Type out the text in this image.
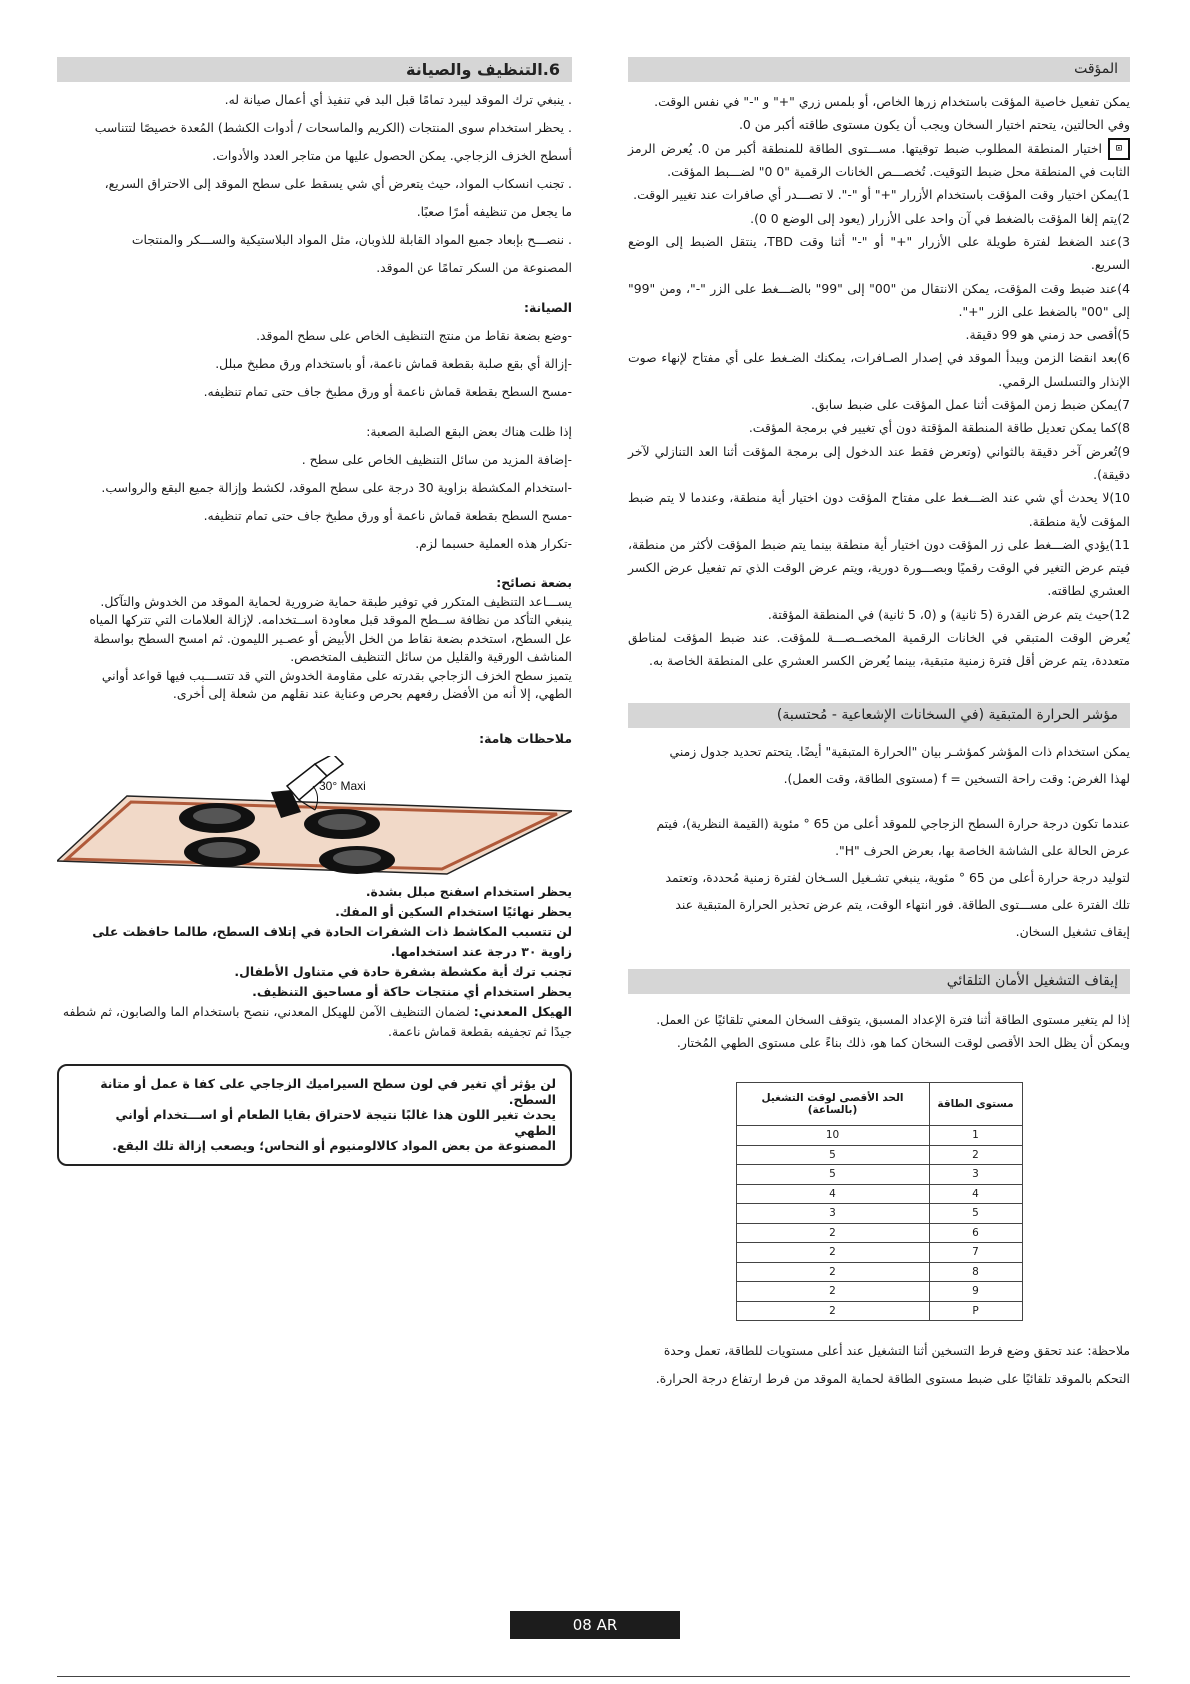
المؤقت

يمكن تفعيل خاصية المؤقت باستخدام زرها الخاص، أو بلمس زري "+" و "-" في نفس الوقت.

وفي الحالتين، يتحتم اختيار السخان ويجب أن يكون مستوى طاقته أكبر من 0.

⊡اختيار المنطقة المطلوب ضبط توقيتها. مســـتوى الطاقة للمنطقة أكبر من 0. يُعرض الرمز الثابت في المنطقة محل ضبط التوقيت. تُخصـــص الخانات الرقمية "0 0" لضـــبط المؤقت.

1)يمكن اختيار وقت المؤقت باستخدام الأزرار "+" أو "-". لا تصـــدر أي صافرات عند تغيير الوقت.

2)يتم إلغا المؤقت بالضغط في آن واحد على الأزرار (يعود إلى الوضع 0 0).

3)عند الضغط لفترة طويلة على الأزرار "+" أو "-" أثنا وقت TBD، ينتقل الضبط إلى الوضع السريع.

4)عند ضبط وقت المؤقت، يمكن الانتقال من "00" إلى "99" بالضـــغط على الزر "-"، ومن "99" إلى "00" بالضغط على الزر "+".

5)أقصى حد زمني هو 99 دقيقة.

6)بعد انقضا الزمن ويبدأ الموقد في إصدار الصـافرات، يمكنك الضـغط على أي مفتاح لإنهاء صوت الإنذار والتسلسل الرقمي.

7)يمكن ضبط زمن المؤقت أثنا عمل المؤقت على ضبط سابق.

8)كما يمكن تعديل طاقة المنطقة المؤقتة دون أي تغيير في برمجة المؤقت.

9)تُعرض آخر دقيقة بالثواني (وتعرض فقط عند الدخول إلى برمجة المؤقت أثنا العد التنازلي لآخر دقيقة).

10)لا يحدث أي شي عند الضـــغط على مفتاح المؤقت دون اختيار أية منطقة، وعندما لا يتم ضبط المؤقت لأية منطقة.

11)يؤدي الضـــغط على زر المؤقت دون اختيار أية منطقة بينما يتم ضبط المؤقت لأكثر من منطقة، فيتم عرض التغير في الوقت رقميًا وبصـــورة دورية، ويتم عرض الوقت الذي تم تفعيل عرض الكسر العشري لطاقته.

12)حيث يتم عرض القدرة (5 ثانية) و (0، 5 ثانية) في المنطقة المؤقتة.

يُعرض الوقت المتبقي في الخانات الرقمية المخصــصـــة للمؤقت. عند ضبط المؤقت لمناطق متعددة، يتم عرض أقل فترة زمنية متبقية، بينما يُعرض الكسر العشري على المنطقة الخاصة به.

مؤشر الحرارة المتبقية (في السخانات الإشعاعية - مُحتسبة)

يمكن استخدام ذات المؤشر كمؤشـر بيان "الحرارة المتبقية" أيضًا. يتحتم تحديد جدول زمني

لهذا الغرض: وقت راحة التسخين = f (مستوى الطاقة، وقت العمل).

عندما تكون درجة حرارة السطح الزجاجي للموقد أعلى من 65 ° مئوية (القيمة النظرية)، فيتم

عرض الحالة على الشاشة الخاصة بها، بعرض الحرف "H".

لتوليد درجة حرارة أعلى من 65 ° مئوية، ينبغي تشـغيل السـخان لفترة زمنية مُحددة، وتعتمد

تلك الفترة على مســـتوى الطاقة. فور انتهاء الوقت، يتم عرض تحذير الحرارة المتبقية عند

إيقاف تشغيل السخان.

إيقاف التشغيل الأمان التلقائي

إذا لم يتغير مستوى الطاقة أثنا فترة الإعداد المسبق، يتوقف السخان المعني تلقائيًا عن العمل.

ويمكن أن يظل الحد الأقصى لوقت السخان كما هو، ذلك بناءً على مستوى الطهي المُختار.

مستوى الطاقة	الحد الأقصى لوقت التشغيل (بالساعة)
1	10
2	5
3	5
4	4
5	3
6	2
7	2
8	2
9	2
P	2

ملاحظة: عند تحقق وضع فرط التسخين أثنا التشغيل عند أعلى مستويات للطاقة، تعمل وحدة

التحكم بالموقد تلقائيًا على ضبط مستوى الطاقة لحماية الموقد من فرط ارتفاع درجة الحرارة.

6.التنظيف والصيانة

. ينبغي ترك الموقد ليبرد تمامًا قبل البد في تنفيذ أي أعمال صيانة له.

. يحظر استخدام سوى المنتجات (الكريم والماسحات / أدوات الكشط) المُعدة خصيصًا لتتناسب

أسطح الخزف الزجاجي. يمكن الحصول عليها من متاجر العدد والأدوات.

. تجنب انسكاب المواد، حيث يتعرض أي شي يسقط على سطح الموقد إلى الاحتراق السريع،

ما يجعل من تنظيفه أمرًا صعبًا.

. ننصـــح بإبعاد جميع المواد القابلة للذوبان، مثل المواد البلاستيكية والســـكر والمنتجات

المصنوعة من السكر تمامًا عن الموقد.

الصيانة:

-وضع بضعة نقاط من منتج التنظيف الخاص على سطح الموقد.

-إزالة أي بقع صلبة بقطعة قماش ناعمة، أو باستخدام ورق مطبخ مبلل.

-مسح السطح بقطعة قماش ناعمة أو ورق مطبخ جاف حتى تمام تنظيفه.

إذا ظلت هناك بعض البقع الصلبة الصعبة:

-إضافة المزيد من سائل التنظيف الخاص على سطح .

-استخدام المكشطة بزاوية 30 درجة على سطح الموقد، لكشط وإزالة جميع البقع والرواسب.

-مسح السطح بقطعة قماش ناعمة أو ورق مطبخ جاف حتى تمام تنظيفه.

-تكرار هذه العملية حسبما لزم.

بضعة نصائح:

يســـاعد التنظيف المتكرر في توفير طبقة حماية ضرورية لحماية الموقد من الخدوش والتآكل.

ينبغي التأكد من نظافة ســطح الموقد قبل معاودة اســتخدامه. لإزالة العلامات التي تتركها المياه

عل السطح، استخدم بضعة نقاط من الخل الأبيض أو عصـير الليمون. ثم امسح السطح بواسطة

المناشف الورقية والقليل من سائل التنظيف المتخصص.

يتميز سطح الخزف الزجاجي بقدرته على مقاومة الخدوش التي قد تتســـبب فيها قواعد أواني

الطهي، إلا أنه من الأفضل رفعهم بحرص وعناية عند نقلهم من شعلة إلى أخرى.

ملاحظات هامة:

30° Maxi

يحظر استخدام اسفنج مبلل بشدة.

يحظر نهائيًا استخدام السكين أو المفك.

لن تتسبب المكاشط ذات الشفرات الحادة في إتلاف السطح، طالما حافظت على زاوية ٣٠ درجة عند استخدامها.

تجنب ترك أية مكشطة بشفرة حادة في متناول الأطفال.

يحظر استخدام أي منتجات حاكة أو مساحيق التنظيف.

الهيكل المعدني: لضمان التنظيف الآمن للهيكل المعدني، ننصح باستخدام الما والصابون، ثم شطفه جيدًا ثم تجفيفه بقطعة قماش ناعمة.

لن يؤثر أي تغير في لون سطح السيراميك الزجاجي على كفا ة عمل أو متانة السطح.
يحدث تغير اللون هذا غالبًا نتيجة لاحتراق بقايا الطعام أو اســـتخدام أواني الطهي
المصنوعة من بعض المواد كالالومنيوم أو النحاس؛ ويصعب إزالة تلك البقع.
08 AR
